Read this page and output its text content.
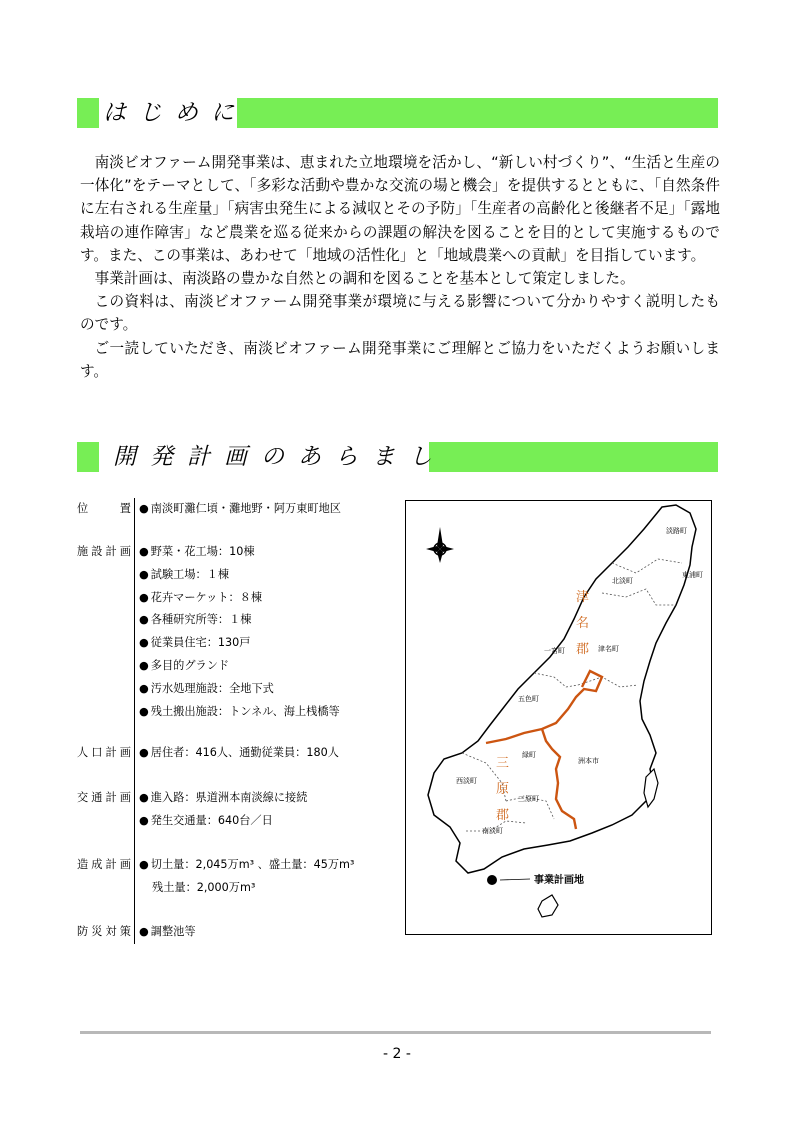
はじめに

南淡ビオファーム開発事業は、恵まれた立地環境を活かし、“新しい村づくり”、“生活と生産の一体化”をテーマとして、「多彩な活動や豊かな交流の場と機会」を提供するとともに、「自然条件に左右される生産量」「病害虫発生による減収とその予防」「生産者の高齢化と後継者不足」「露地栽培の連作障害」など農業を巡る従来からの課題の解決を図ることを目的として実施するものです。また、この事業は、あわせて「地域の活性化」と「地域農業への貢献」を目指しています。

事業計画は、南淡路の豊かな自然との調和を図ることを基本として策定しました。

この資料は、南淡ビオファーム開発事業が環境に与える影響について分かりやすく説明したものです。

ご一読していただき、南淡ビオファーム開発事業にご理解とご協力をいただくようお願いします。

開発計画のあらまし
位置 ● 南淡町灘仁頃・灘地野・阿万東町地区
施設計画 ● 野菜・花工場：10棟
● 試験工場：１棟
● 花卉マーケット：８棟
● 各種研究所等：１棟
● 従業員住宅：130戸
● 多目的グランド
● 汚水処理施設：全地下式
● 残土搬出施設：トンネル、海上桟橋等
人口計画 ● 居住者：416人、通勤従業員：180人
交通計画 ● 進入路：県道洲本南淡線に接続
● 発生交通量：640台／日
造成計画 ● 切土量：2,045万m³ 、盛土量：45万m³
残土量：2,000万m³
防災対策 ● 調整池等
淡路町
北淡町
東浦町
一宮町	津名町
五色町
緑町
洲本市
西淡町
三原町
南淡町
津
名
郡
三
原
郡
事業計画地
- 2 -
